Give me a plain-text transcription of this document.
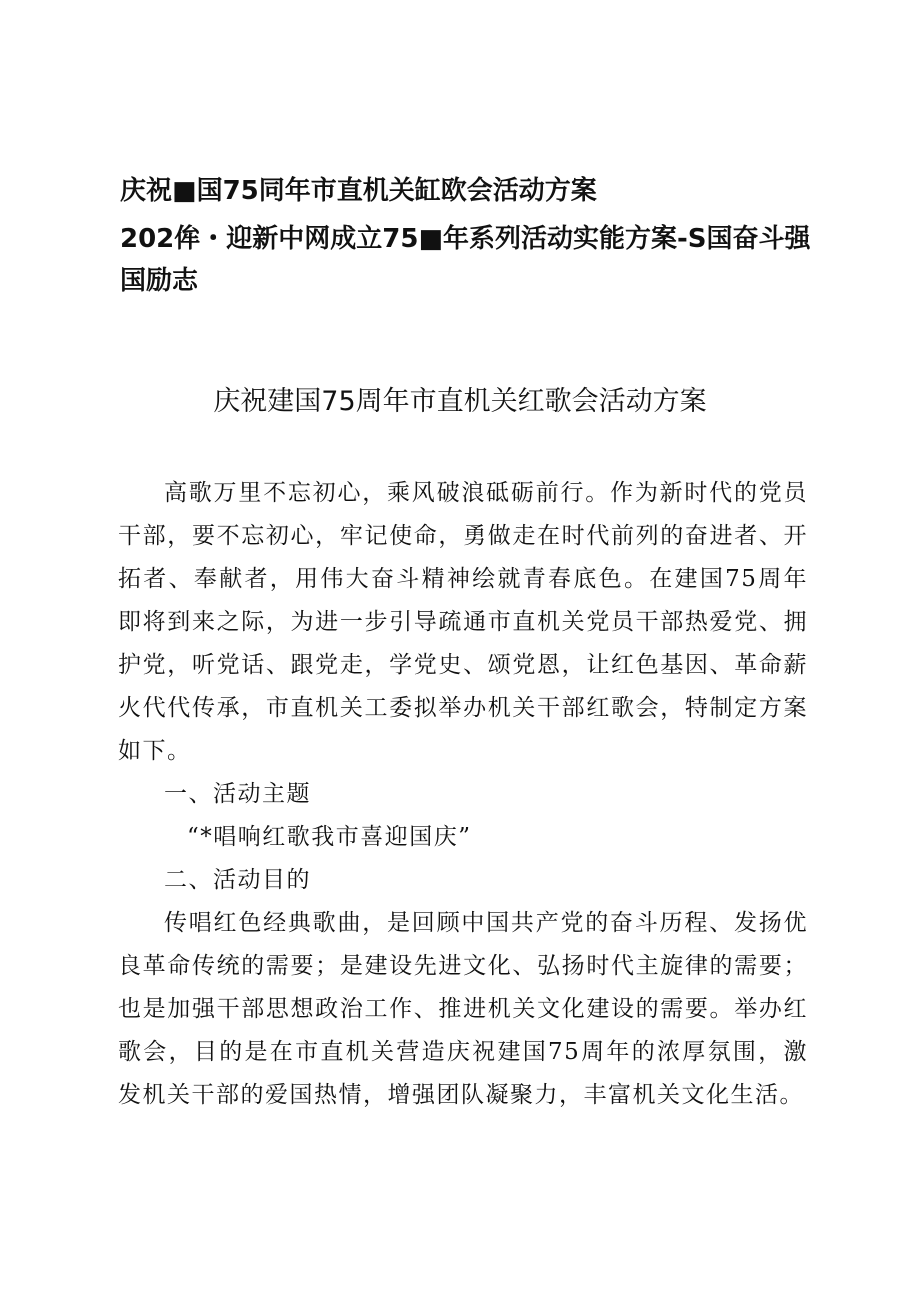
庆祝■国75同年市直机关缸欧会活动方案
202侔・迎新中网成立75■年系列活动实能方案-S国奋斗强国励志
庆祝建国75周年市直机关红歌会活动方案

高歌万里不忘初心，乘风破浪砥砺前行。作为新时代的党员干部，要不忘初心，牢记使命，勇做走在时代前列的奋进者、开拓者、奉献者，用伟大奋斗精神绘就青春底色。在建国75周年即将到来之际，为进一步引导疏通市直机关党员干部热爱党、拥护党，听党话、跟党走，学党史、颂党恩，让红色基因、革命薪火代代传承，市直机关工委拟举办机关干部红歌会，特制定方案如下。

一、活动主题

“*唱响红歌我市喜迎国庆”

二、活动目的

传唱红色经典歌曲，是回顾中国共产党的奋斗历程、发扬优良革命传统的需要；是建设先进文化、弘扬时代主旋律的需要；也是加强干部思想政治工作、推进机关文化建设的需要。举办红歌会，目的是在市直机关营造庆祝建国75周年的浓厚氛围，激发机关干部的爱国热情，增强团队凝聚力，丰富机关文化生活。
